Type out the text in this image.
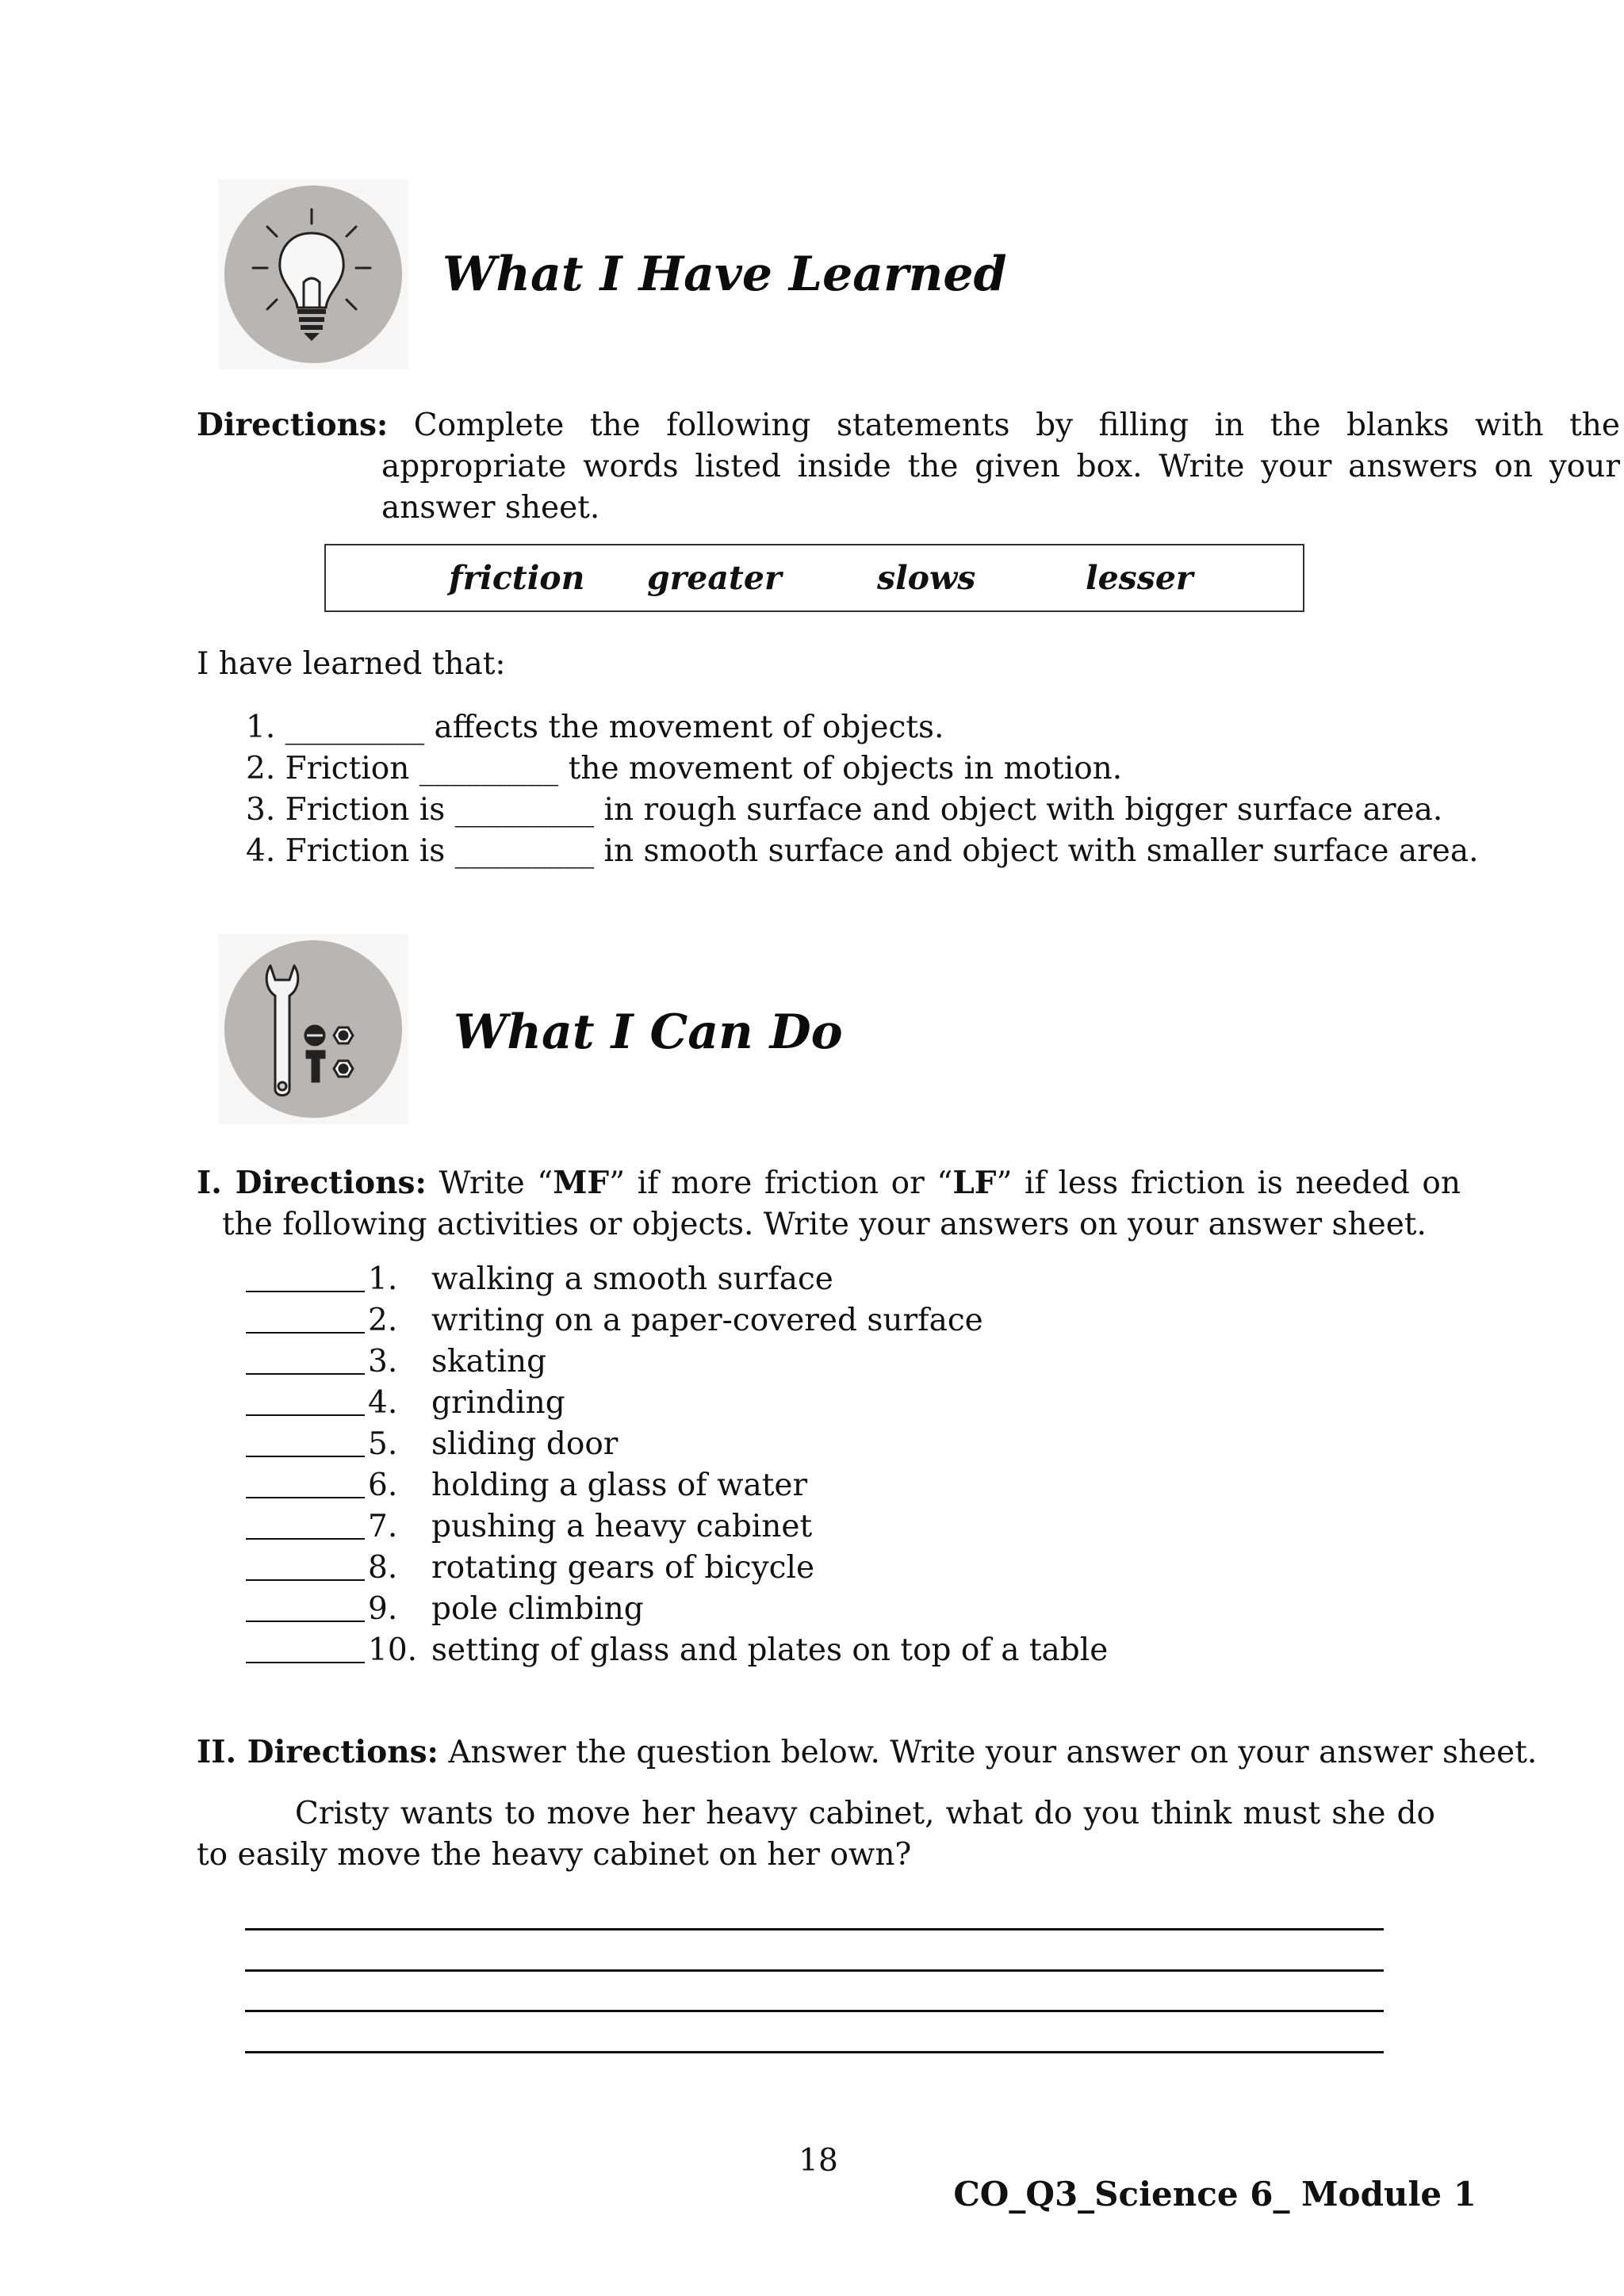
What I Have Learned
Directions: Complete the following statements by filling in the blanks with the appropriate words listed inside the given box. Write your answers on your answer sheet.
friction greater	slows	lesser
I have learned that:
1. _________ affects the movement of objects.
2. Friction _________ the movement of objects in motion.
3. Friction is _________ in rough surface and object with bigger surface area.
4. Friction is _________ in smooth surface and object with smaller surface area.
What I Can Do
I. Directions: Write “MF” if more friction or “LF” if less friction is needed on the following activities or objects. Write your answers on your answer sheet.
1. walking a smooth surface
2. writing on a paper-covered surface
3. skating
4. grinding
5. sliding door
6. holding a glass of water
7. pushing a heavy cabinet
8. rotating gears of bicycle
9. pole climbing
10. setting of glass and plates on top of a table
II. Directions: Answer the question below. Write your answer on your answer sheet.
Cristy wants to move her heavy cabinet, what do you think must she do to easily move the heavy cabinet on her own?
18
CO_Q3_Science 6_ Module 1
